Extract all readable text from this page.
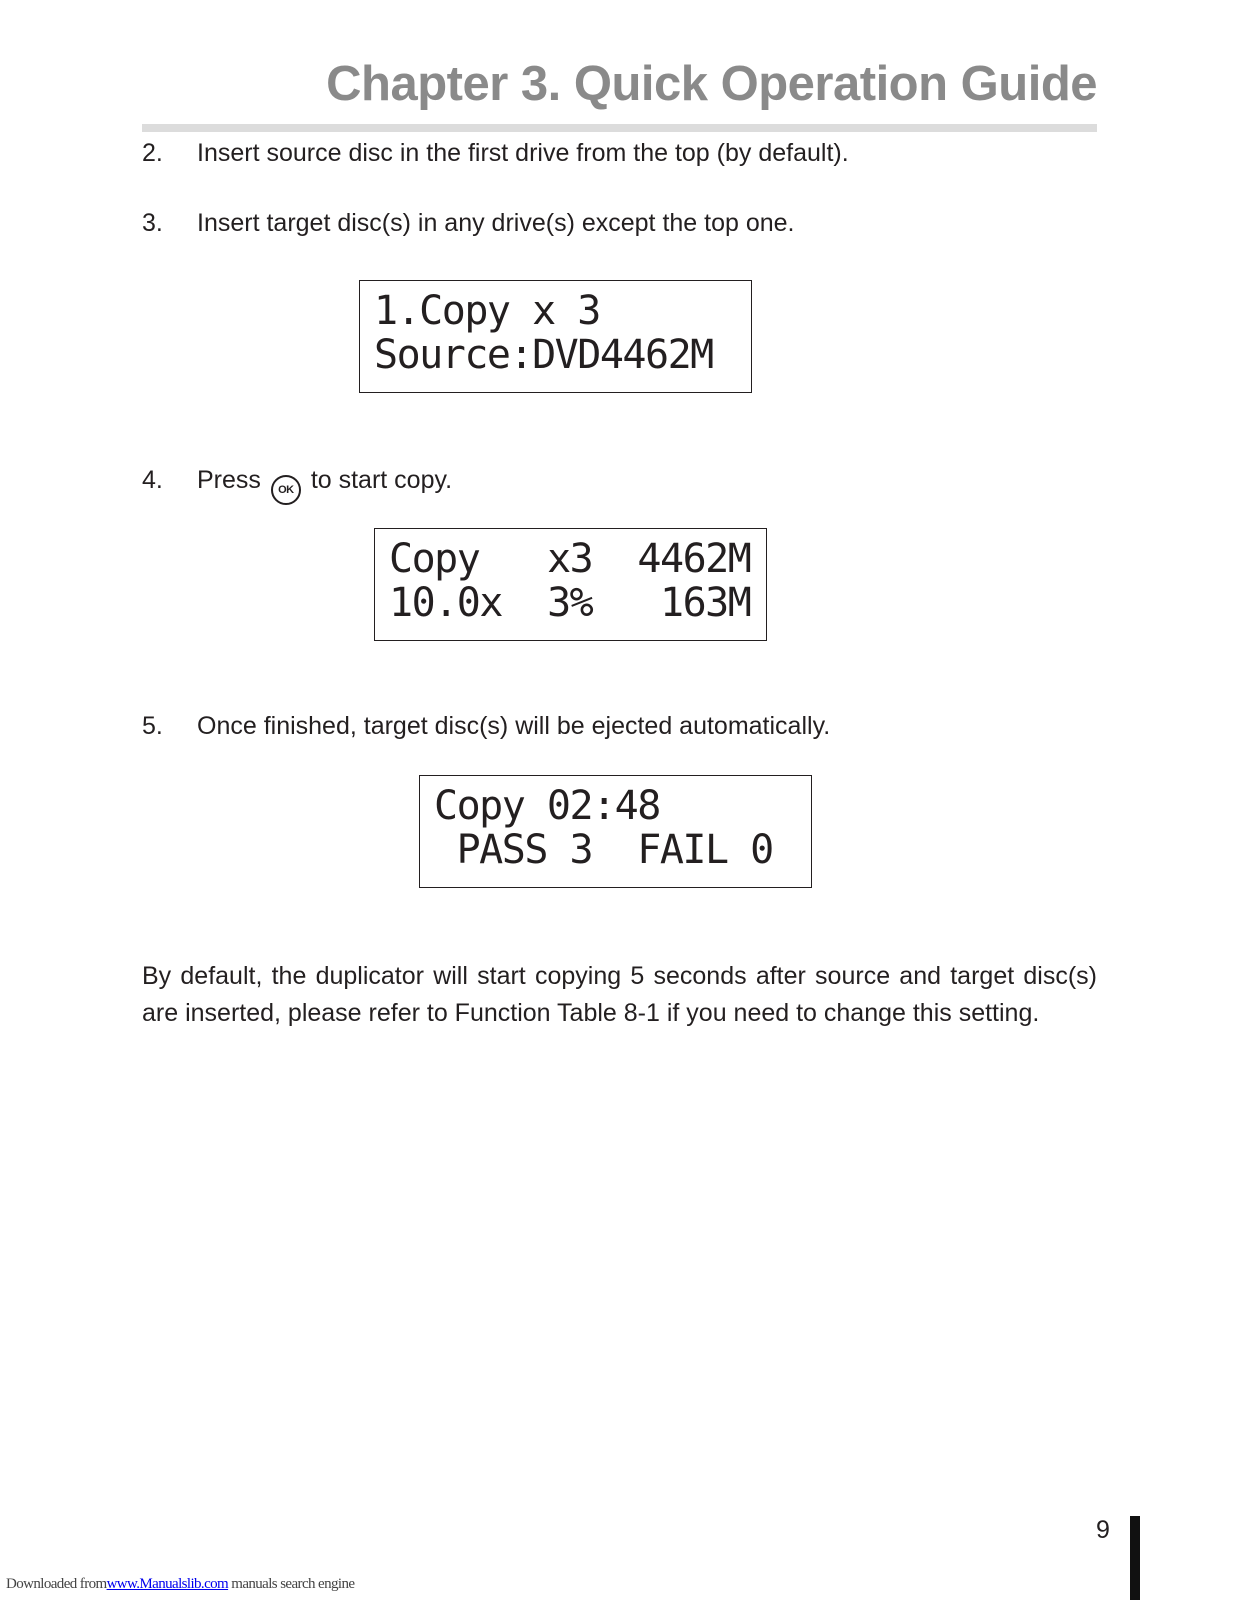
Chapter 3. Quick Operation Guide
2. Insert source disc in the first drive from the top (by default).
3. Insert target disc(s) in any drive(s) except the top one.
1.Copy x 3
Source:DVD4462M
4. Press OK to start copy.
Copy   x3  4462M
10.0x  3%   163M
5. Once finished, target disc(s) will be ejected automatically.
Copy 02:48
PASS 3  FAIL 0

By default, the duplicator will start copying 5 seconds after source and target disc(s) are inserted, please refer to Function Table 8-1 if you need to change this setting.

9
Downloaded fromwww.Manualslib.com manuals search engine
